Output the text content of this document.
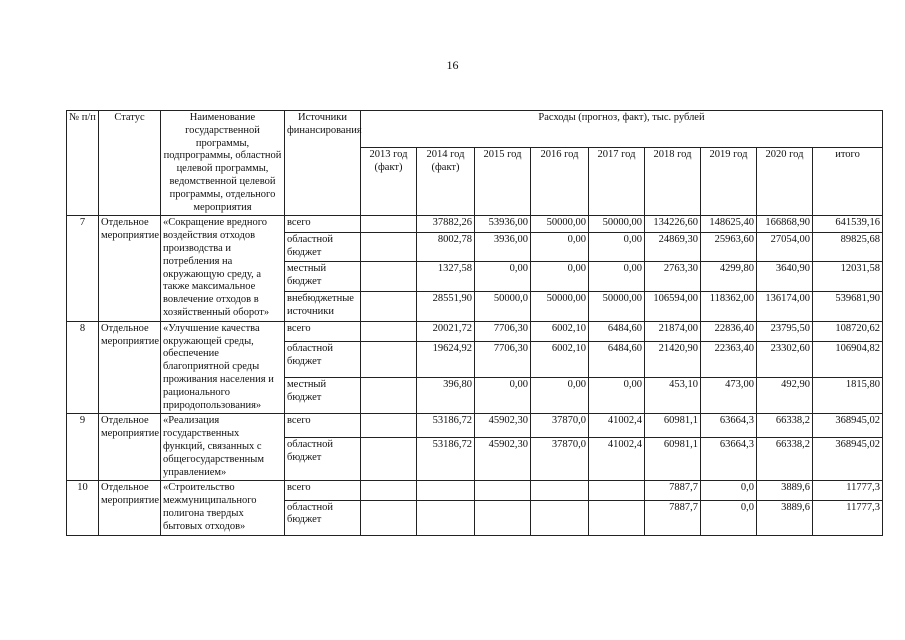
16
№ п/п	Статус	Наименование государственной программы, подпрограммы, областной целевой программы, ведомственной целевой программы, отдельного мероприятия	Источники финансирования	Расходы (прогноз, факт), тыс. рублей								
				2013 год (факт)	2014 год (факт)	2015 год	2016 год	2017 год	2018 год	2019 год	2020 год	итого
7	Отдельное мероприятие	«Сокращение вредного воздействия отходов производства и потребления на окружающую среду, а также максимальное вовлечение отходов в хозяйственный оборот»	всего		37882,26	53936,00	50000,00	50000,00	134226,60	148625,40	166868,90	641539,16
			областной бюджет		8002,78	3936,00	0,00	0,00	24869,30	25963,60	27054,00	89825,68
			местный бюджет		1327,58	0,00	0,00	0,00	2763,30	4299,80	3640,90	12031,58
			внебюджетные источники		28551,90	50000,0	50000,00	50000,00	106594,00	118362,00	136174,00	539681,90
8	Отдельное мероприятие	«Улучшение качества окружающей среды, обеспечение благоприятной среды проживания населения и рационального природопользования»	всего		20021,72	7706,30	6002,10	6484,60	21874,00	22836,40	23795,50	108720,62
			областной бюджет		19624,92	7706,30	6002,10	6484,60	21420,90	22363,40	23302,60	106904,82
			местный бюджет		396,80	0,00	0,00	0,00	453,10	473,00	492,90	1815,80
9	Отдельное мероприятие	«Реализация государственных функций, связанных с общегосударственным управлением»	всего		53186,72	45902,30	37870,0	41002,4	60981,1	63664,3	66338,2	368945,02
			областной бюджет		53186,72	45902,30	37870,0	41002,4	60981,1	63664,3	66338,2	368945,02
10	Отдельное мероприятие	«Строительство межмуниципального полигона твердых бытовых отходов»	всего						7887,7	0,0	3889,6	11777,3
			областной бюджет						7887,7	0,0	3889,6	11777,3
